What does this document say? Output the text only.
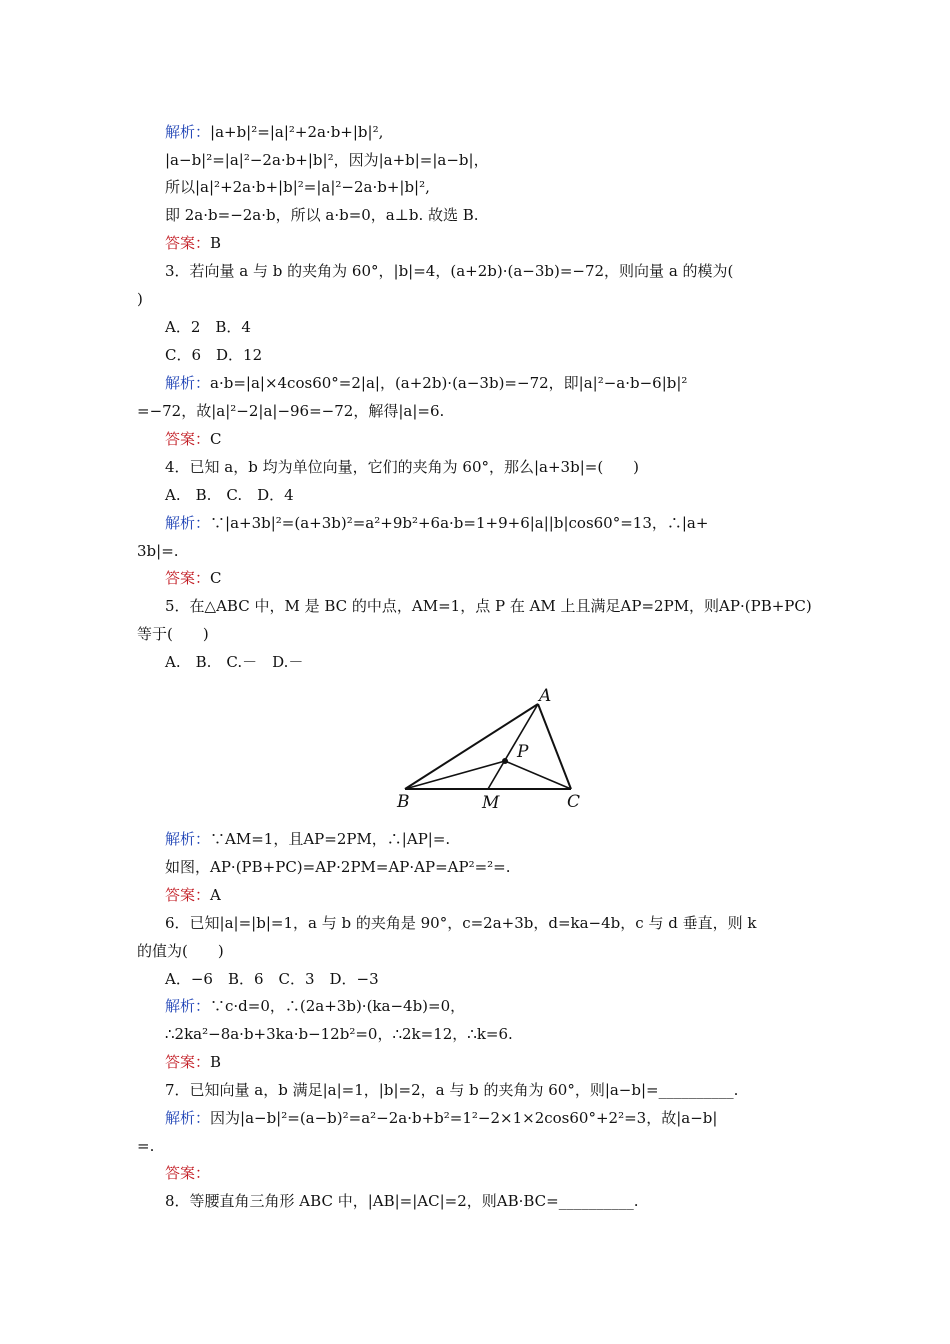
解析：|a+b|²=|a|²+2a·b+|b|²,
|a−b|²=|a|²−2a·b+|b|²，因为|a+b|=|a−b|，
所以|a|²+2a·b+|b|²=|a|²−2a·b+|b|²,
即 2a·b=−2a·b，所以 a·b=0，a⊥b. 故选 B.
答案：B
3．若向量 a 与 b 的夹角为 60°，|b|=4，(a+2b)·(a−3b)=−72，则向量 a 的模为(
)
A．2　B．4
C．6　D．12
解析：a·b=|a|×4cos60°=2|a|，(a+2b)·(a−3b)=−72，即|a|²−a·b−6|b|²
=−72，故|a|²−2|a|−96=−72，解得|a|=6.
答案：C
4．已知 a，b 均为单位向量，它们的夹角为 60°，那么|a+3b|=(　　)
A.　B.　C.　D．4
解析：∵|a+3b|²=(a+3b)²=a²+9b²+6a·b=1+9+6|a||b|cos60°=13，∴|a+
3b|=.
答案：C
5．在△ABC 中，M 是 BC 的中点，AM=1，点 P 在 AM 上且满足AP=2PM，则AP·(PB+PC)
等于(　　)
A.　B.　C.－　D.－
A
B	C
M
P
解析：∵AM=1，且AP=2PM，∴|AP|=.
如图，AP·(PB+PC)=AP·2PM=AP·AP=AP²=²=.
答案：A
6．已知|a|=|b|=1，a 与 b 的夹角是 90°，c=2a+3b，d=ka−4b，c 与 d 垂直，则 k
的值为(　　)
A．−6　B．6　C．3　D．−3
解析：∵c·d=0，∴(2a+3b)·(ka−4b)=0，
∴2ka²−8a·b+3ka·b−12b²=0，∴2k=12，∴k=6.
答案：B
7．已知向量 a，b 满足|a|=1，|b|=2，a 与 b 的夹角为 60°，则|a−b|=__________.
解析：因为|a−b|²=(a−b)²=a²−2a·b+b²=1²−2×1×2cos60°+2²=3，故|a−b|
=.
答案：
8．等腰直角三角形 ABC 中，|AB|=|AC|=2，则AB·BC=__________.
